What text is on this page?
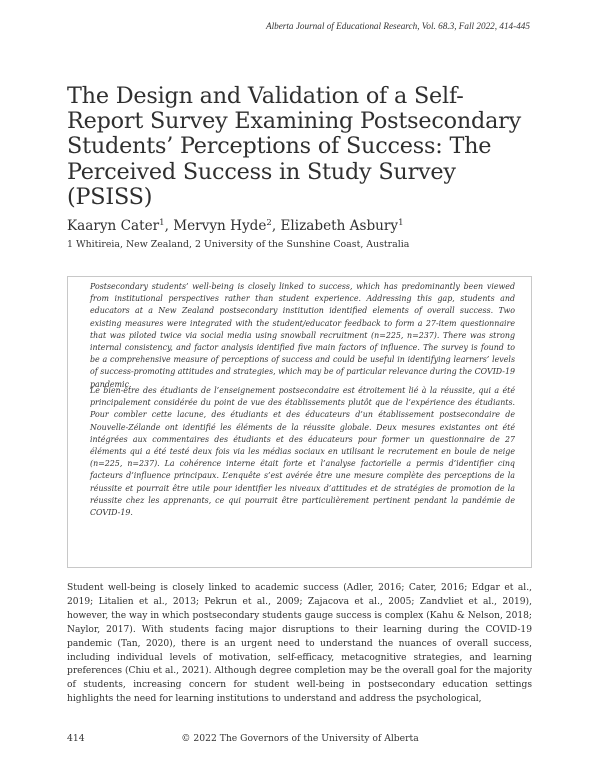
Alberta Journal of Educational Research, Vol. 68.3, Fall 2022, 414-445
The Design and Validation of a Self-Report Survey Examining Postsecondary Students’ Perceptions of Success: The Perceived Success in Study Survey (PSISS)

Kaaryn Cater$^1$, Mervyn Hyde$^2$, Elizabeth Asbury$^1$

1 Whitireia, New Zealand, 2 University of the Sunshine Coast, Australia

Postsecondary students’ well-being is closely linked to success, which has predominantly been viewed from institutional perspectives rather than student experience. Addressing this gap, students and educators at a New Zealand postsecondary institution identified elements of overall success. Two existing measures were integrated with the student/educator feedback to form a 27-item questionnaire that was piloted twice via social media using snowball recruitment (n=225, n=237). There was strong internal consistency, and factor analysis identified five main factors of influence. The survey is found to be a comprehensive measure of perceptions of success and could be useful in identifying learners’ levels of success-promoting attitudes and strategies, which may be of particular relevance during the COVID-19 pandemic.

Le bien-être des étudiants de l’enseignement postsecondaire est étroitement lié à la réussite, qui a été principalement considérée du point de vue des établissements plutôt que de l’expérience des étudiants. Pour combler cette lacune, des étudiants et des éducateurs d’un établissement postsecondaire de Nouvelle-Zélande ont identifié les éléments de la réussite globale. Deux mesures existantes ont été intégrées aux commentaires des étudiants et des éducateurs pour former un questionnaire de 27 éléments qui a été testé deux fois via les médias sociaux en utilisant le recrutement en boule de neige (n=225, n=237). La cohérence interne était forte et l’analyse factorielle a permis d’identifier cinq facteurs d’influence principaux. L’enquête s’est avérée être une mesure complète des perceptions de la réussite et pourrait être utile pour identifier les niveaux d’attitudes et de stratégies de promotion de la réussite chez les apprenants, ce qui pourrait être particulièrement pertinent pendant la pandémie de COVID-19.

Student well-being is closely linked to academic success (Adler, 2016; Cater, 2016; Edgar et al., 2019; Litalien et al., 2013; Pekrun et al., 2009; Zajacova et al., 2005; Zandvliet et al., 2019), however, the way in which postsecondary students gauge success is complex (Kahu & Nelson, 2018; Naylor, 2017). With students facing major disruptions to their learning during the COVID-19 pandemic (Tan, 2020), there is an urgent need to understand the nuances of overall success, including individual levels of motivation, self-efficacy, metacognitive strategies, and learning preferences (Chiu et al., 2021). Although degree completion may be the overall goal for the majority of students, increasing concern for student well-being in postsecondary education settings highlights the need for learning institutions to understand and address the psychological,

414	© 2022 The Governors of the University of Alberta
